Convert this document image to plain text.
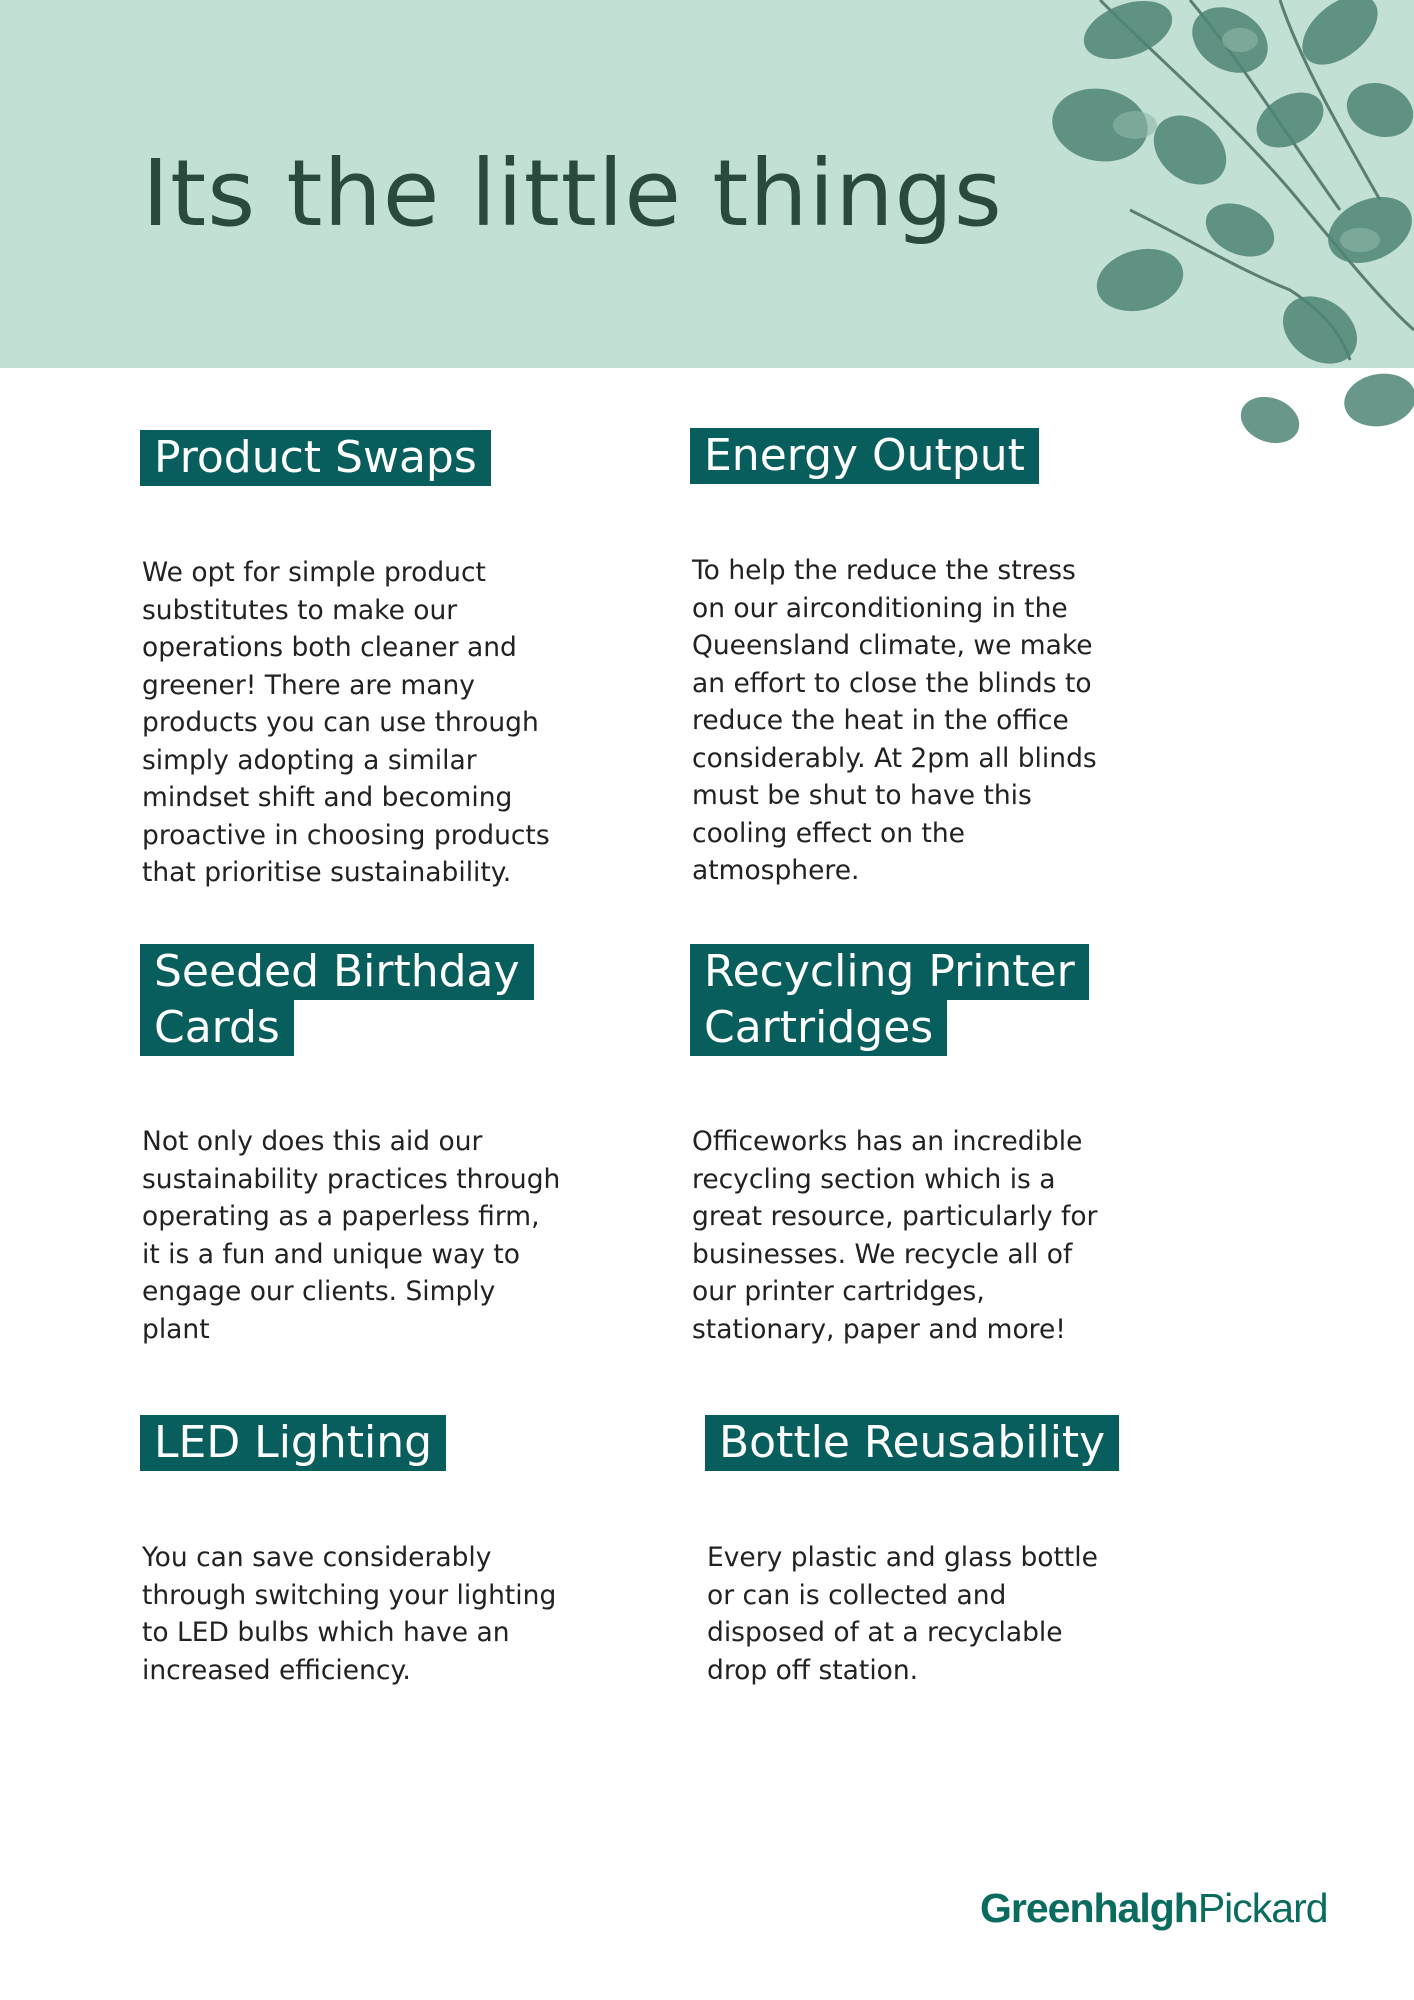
Its the little things
Product Swaps

We opt for simple product substitutes to make our operations both cleaner and greener! There are many products you can use through simply adopting a similar mindset shift and becoming proactive in choosing products that prioritise sustainability.

Energy Output

To help the reduce the stress on our airconditioning in the Queensland climate, we make an effort to close the blinds to reduce the heat in the office considerably. At 2pm all blinds must be shut to have this cooling effect on the atmosphere.

Seeded Birthday
Cards

Not only does this aid our sustainability practices through operating as a paperless firm, it is a fun and unique way to engage our clients. Simply plant

Recycling Printer
Cartridges

Officeworks has an incredible recycling section which is a great resource, particularly for businesses. We recycle all of our printer cartridges, stationary, paper and more!

LED Lighting

You can save considerably through switching your lighting to LED bulbs which have an increased efficiency.

Bottle Reusability

Every plastic and glass bottle or can is collected and disposed of at a recyclable drop off station.

GreenhalghPickard
